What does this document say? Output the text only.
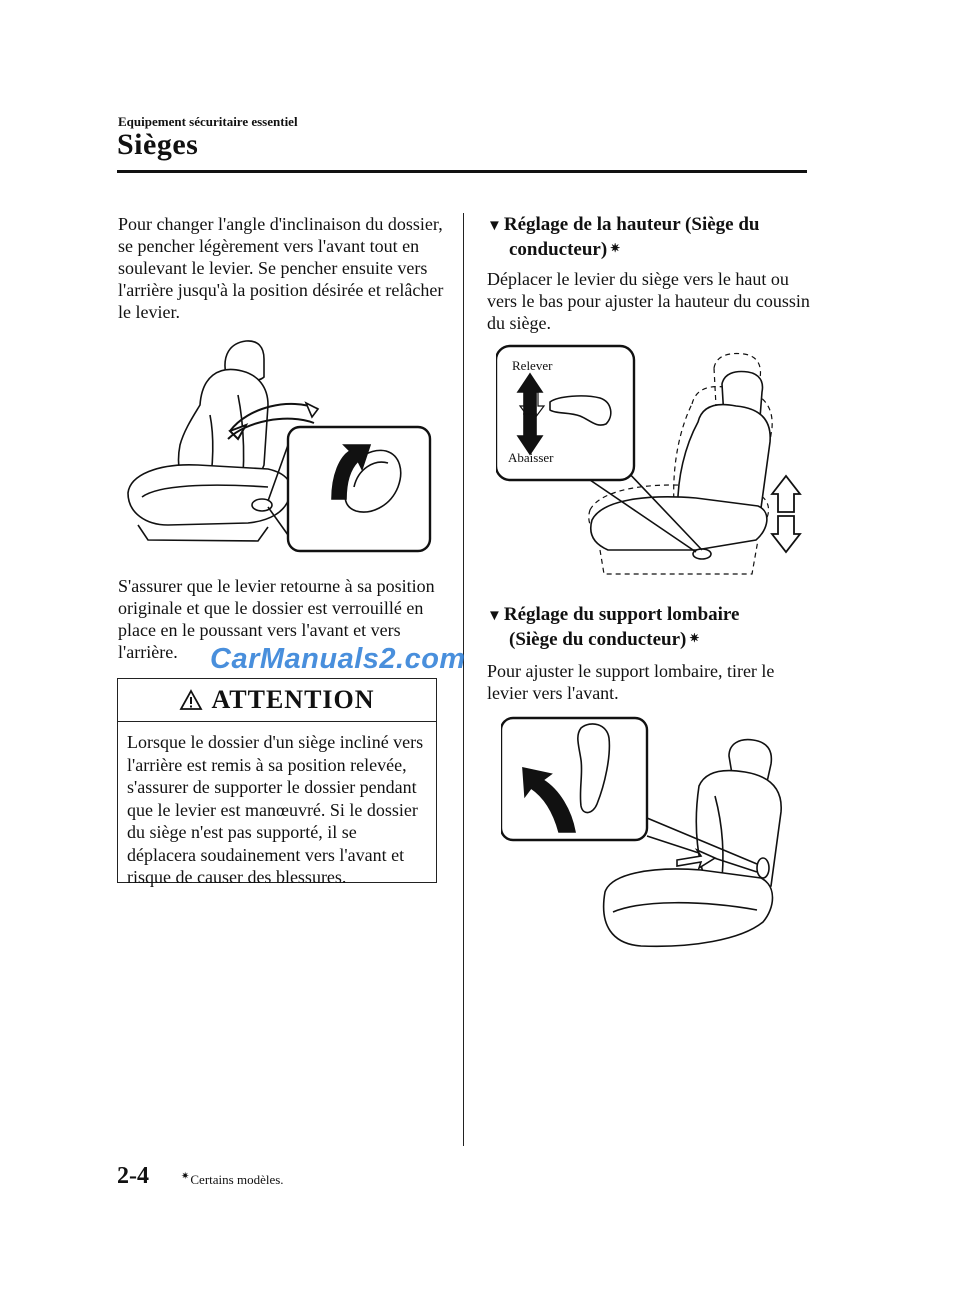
Equipement sécuritaire essentiel
Sièges
Pour changer l'angle d'inclinaison du dossier, se pencher légèrement vers l'avant tout en soulevant le levier. Se pencher ensuite vers l'arrière jusqu'à la position désirée et relâcher le levier.
S'assurer que le levier retourne à sa position originale et que le dossier est verrouillé en place en le poussant vers l'avant et vers l'arrière.	CarManuals2.com
ATTENTION
Lorsque le dossier d'un siège incliné vers l'arrière est remis à sa position relevée, s'assurer de supporter le dossier pendant que le levier est manœuvré. Si le dossier du siège n'est pas supporté, il se déplacera soudainement vers l'avant et risque de causer des blessures.
▼ Réglage de la hauteur (Siège du
conducteur) ✷
Déplacer le levier du siège vers le haut ou vers le bas pour ajuster la hauteur du coussin du siège.
Relever
Abaisser
▼ Réglage du support lombaire
(Siège du conducteur) ✷
Pour ajuster le support lombaire, tirer le levier vers l'avant.
2-4	✷Certains modèles.
